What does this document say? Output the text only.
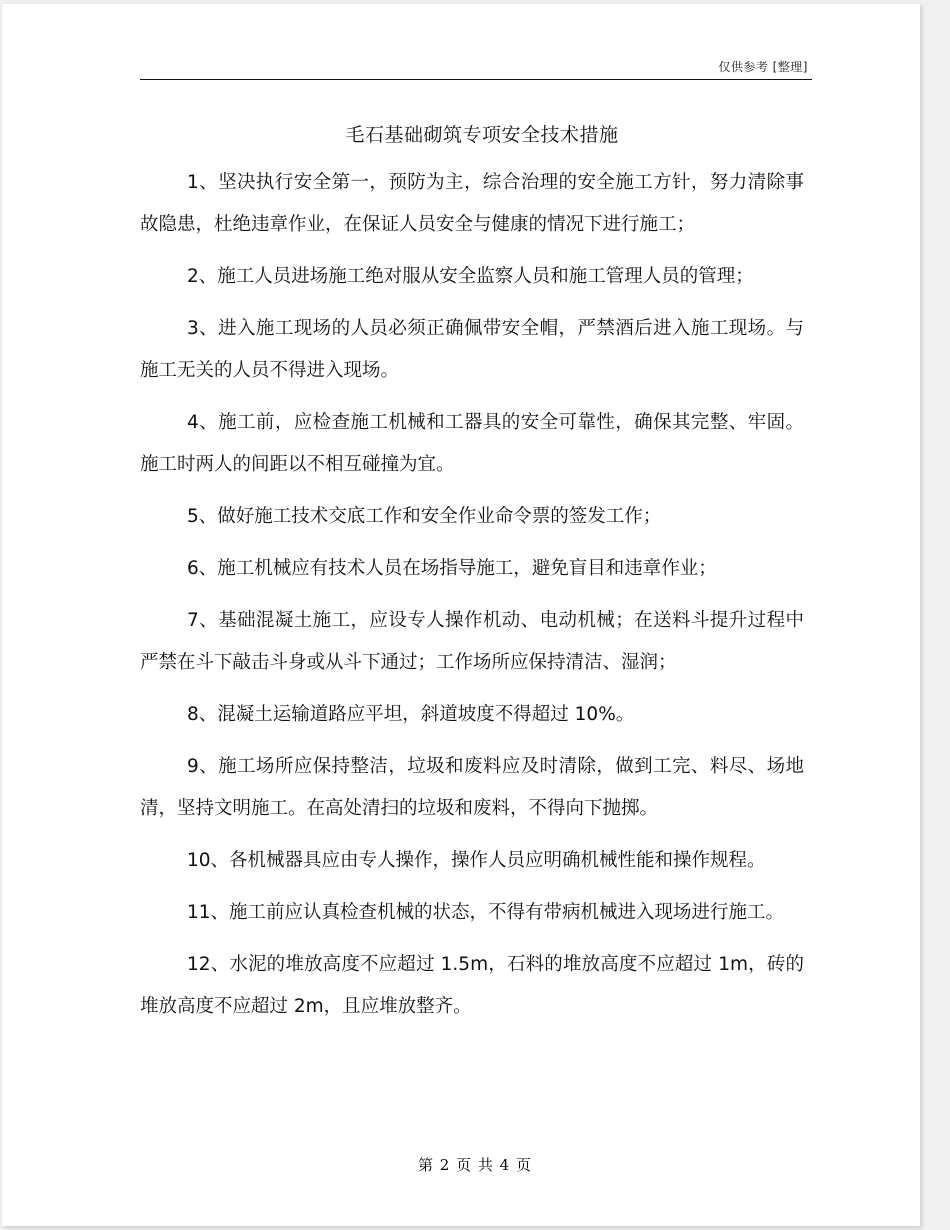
仅供参考 [整理]
毛石基础砌筑专项安全技术措施

1、坚决执行安全第一，预防为主，综合治理的安全施工方针，努力清除事故隐患，杜绝违章作业，在保证人员安全与健康的情况下进行施工；

2、施工人员进场施工绝对服从安全监察人员和施工管理人员的管理；

3、进入施工现场的人员必须正确佩带安全帽，严禁酒后进入施工现场。与施工无关的人员不得进入现场。

4、施工前，应检查施工机械和工器具的安全可靠性，确保其完整、牢固。施工时两人的间距以不相互碰撞为宜。

5、做好施工技术交底工作和安全作业命令票的签发工作；

6、施工机械应有技术人员在场指导施工，避免盲目和违章作业；

7、基础混凝土施工，应设专人操作机动、电动机械；在送料斗提升过程中严禁在斗下敲击斗身或从斗下通过；工作场所应保持清洁、湿润；

8、混凝土运输道路应平坦，斜道坡度不得超过 10%。

9、施工场所应保持整洁，垃圾和废料应及时清除，做到工完、料尽、场地清，坚持文明施工。在高处清扫的垃圾和废料，不得向下抛掷。

10、各机械器具应由专人操作，操作人员应明确机械性能和操作规程。

11、施工前应认真检查机械的状态，不得有带病机械进入现场进行施工。

12、水泥的堆放高度不应超过 1.5m，石料的堆放高度不应超过 1m，砖的堆放高度不应超过 2m，且应堆放整齐。

第 2 页 共 4 页
